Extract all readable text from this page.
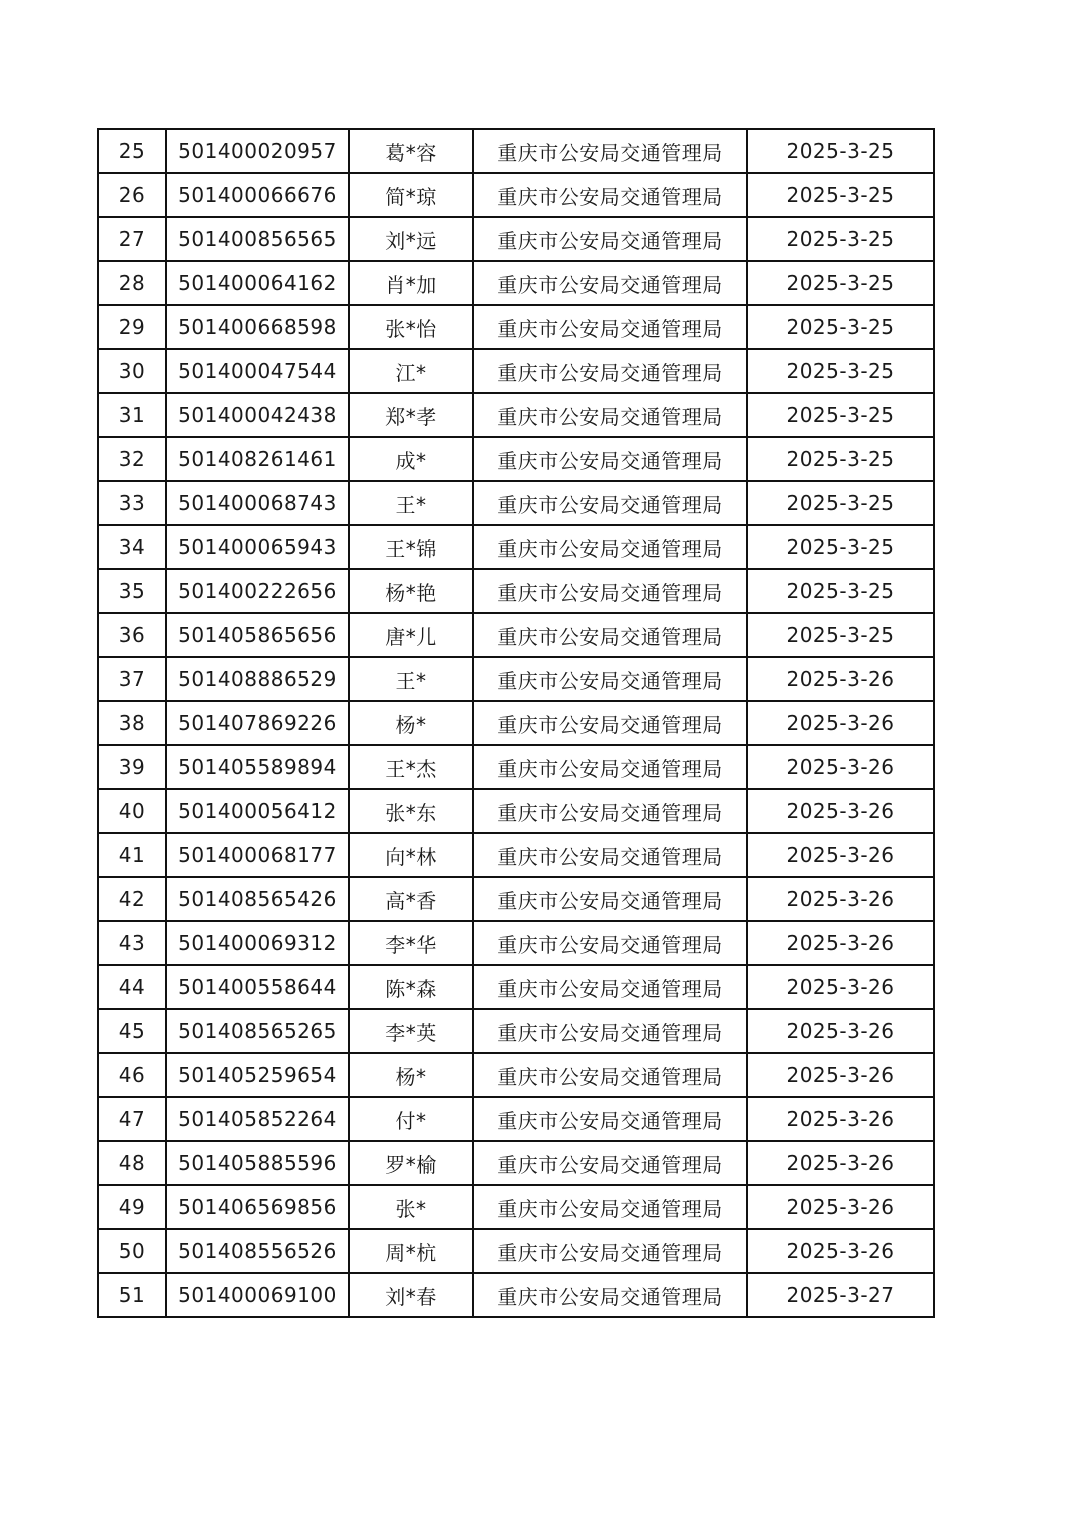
25	501400020957	葛*容	重庆市公安局交通管理局	2025-3-25
26	501400066676	简*琼	重庆市公安局交通管理局	2025-3-25
27	501400856565	刘*远	重庆市公安局交通管理局	2025-3-25
28	501400064162	肖*加	重庆市公安局交通管理局	2025-3-25
29	501400668598	张*怡	重庆市公安局交通管理局	2025-3-25
30	501400047544	江*	重庆市公安局交通管理局	2025-3-25
31	501400042438	郑*孝	重庆市公安局交通管理局	2025-3-25
32	501408261461	成*	重庆市公安局交通管理局	2025-3-25
33	501400068743	王*	重庆市公安局交通管理局	2025-3-25
34	501400065943	王*锦	重庆市公安局交通管理局	2025-3-25
35	501400222656	杨*艳	重庆市公安局交通管理局	2025-3-25
36	501405865656	唐*儿	重庆市公安局交通管理局	2025-3-25
37	501408886529	王*	重庆市公安局交通管理局	2025-3-26
38	501407869226	杨*	重庆市公安局交通管理局	2025-3-26
39	501405589894	王*杰	重庆市公安局交通管理局	2025-3-26
40	501400056412	张*东	重庆市公安局交通管理局	2025-3-26
41	501400068177	向*林	重庆市公安局交通管理局	2025-3-26
42	501408565426	高*香	重庆市公安局交通管理局	2025-3-26
43	501400069312	李*华	重庆市公安局交通管理局	2025-3-26
44	501400558644	陈*森	重庆市公安局交通管理局	2025-3-26
45	501408565265	李*英	重庆市公安局交通管理局	2025-3-26
46	501405259654	杨*	重庆市公安局交通管理局	2025-3-26
47	501405852264	付*	重庆市公安局交通管理局	2025-3-26
48	501405885596	罗*榆	重庆市公安局交通管理局	2025-3-26
49	501406569856	张*	重庆市公安局交通管理局	2025-3-26
50	501408556526	周*杭	重庆市公安局交通管理局	2025-3-26
51	501400069100	刘*春	重庆市公安局交通管理局	2025-3-27
